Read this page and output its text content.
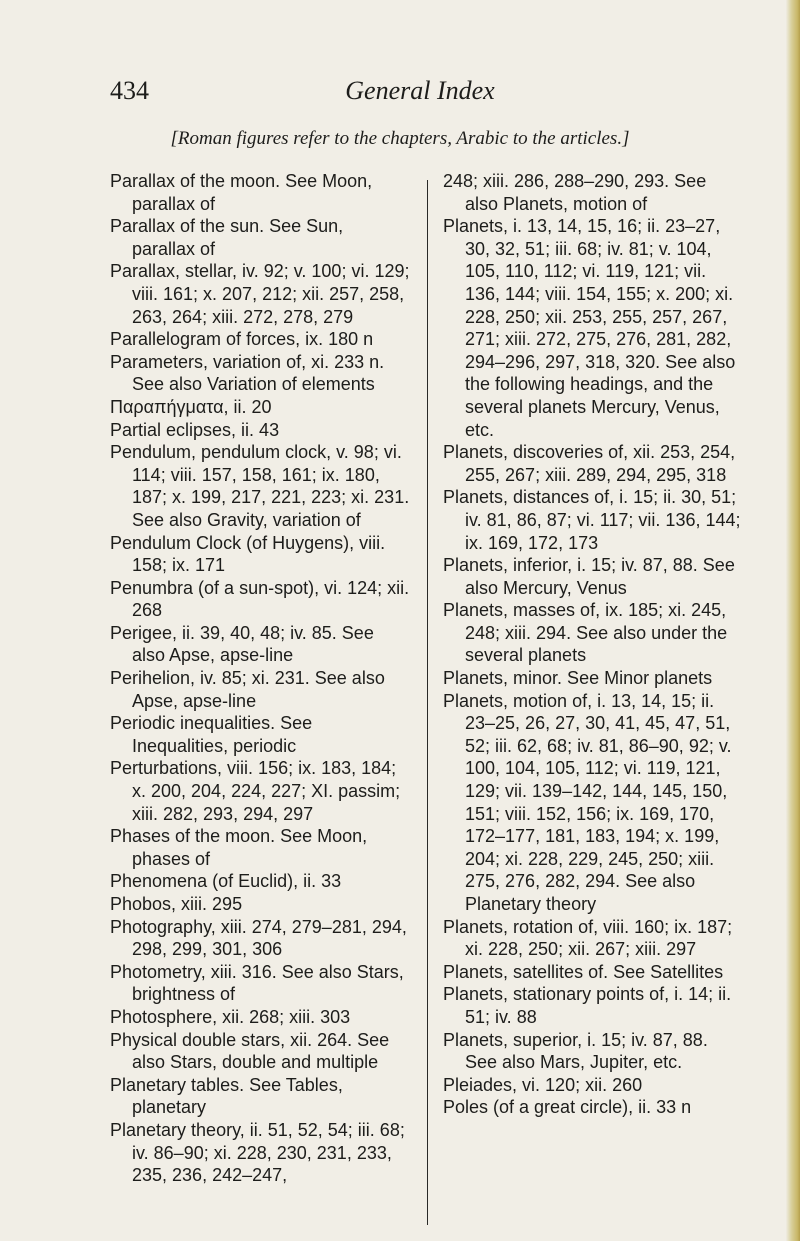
434	General Index
[Roman figures refer to the chapters, Arabic to the articles.]
Parallax of the moon. See Moon, parallax of
Parallax of the sun. See Sun, parallax of
Parallax, stellar, iv. 92; v. 100; vi. 129; viii. 161; x. 207, 212; xii. 257, 258, 263, 264; xiii. 272, 278, 279
Parallelogram of forces, ix. 180 n
Parameters, variation of, xi. 233 n. See also Variation of elements
Παραπήγματα, ii. 20
Partial eclipses, ii. 43
Pendulum, pendulum clock, v. 98; vi. 114; viii. 157, 158, 161; ix. 180, 187; x. 199, 217, 221, 223; xi. 231. See also Gravity, variation of
Pendulum Clock (of Huygens), viii. 158; ix. 171
Penumbra (of a sun-spot), vi. 124; xii. 268
Perigee, ii. 39, 40, 48; iv. 85. See also Apse, apse-line
Perihelion, iv. 85; xi. 231. See also Apse, apse-line
Periodic inequalities. See Inequalities, periodic
Perturbations, viii. 156; ix. 183, 184; x. 200, 204, 224, 227; XI. passim; xiii. 282, 293, 294, 297
Phases of the moon. See Moon, phases of
Phenomena (of Euclid), ii. 33
Phobos, xiii. 295
Photography, xiii. 274, 279–281, 294, 298, 299, 301, 306
Photometry, xiii. 316. See also Stars, brightness of
Photosphere, xii. 268; xiii. 303
Physical double stars, xii. 264. See also Stars, double and multiple
Planetary tables. See Tables, planetary
Planetary theory, ii. 51, 52, 54; iii. 68; iv. 86–90; xi. 228, 230, 231, 233, 235, 236, 242–247,
248; xiii. 286, 288–290, 293. See also Planets, motion of
Planets, i. 13, 14, 15, 16; ii. 23–27, 30, 32, 51; iii. 68; iv. 81; v. 104, 105, 110, 112; vi. 119, 121; vii. 136, 144; viii. 154, 155; x. 200; xi. 228, 250; xii. 253, 255, 257, 267, 271; xiii. 272, 275, 276, 281, 282, 294–296, 297, 318, 320. See also the following headings, and the several planets Mercury, Venus, etc.
Planets, discoveries of, xii. 253, 254, 255, 267; xiii. 289, 294, 295, 318
Planets, distances of, i. 15; ii. 30, 51; iv. 81, 86, 87; vi. 117; vii. 136, 144; ix. 169, 172, 173
Planets, inferior, i. 15; iv. 87, 88. See also Mercury, Venus
Planets, masses of, ix. 185; xi. 245, 248; xiii. 294. See also under the several planets
Planets, minor. See Minor planets
Planets, motion of, i. 13, 14, 15; ii. 23–25, 26, 27, 30, 41, 45, 47, 51, 52; iii. 62, 68; iv. 81, 86–90, 92; v. 100, 104, 105, 112; vi. 119, 121, 129; vii. 139–142, 144, 145, 150, 151; viii. 152, 156; ix. 169, 170, 172–177, 181, 183, 194; x. 199, 204; xi. 228, 229, 245, 250; xiii. 275, 276, 282, 294. See also Planetary theory
Planets, rotation of, viii. 160; ix. 187; xi. 228, 250; xii. 267; xiii. 297
Planets, satellites of. See Satellites
Planets, stationary points of, i. 14; ii. 51; iv. 88
Planets, superior, i. 15; iv. 87, 88. See also Mars, Jupiter, etc.
Pleiades, vi. 120; xii. 260
Poles (of a great circle), ii. 33 n
